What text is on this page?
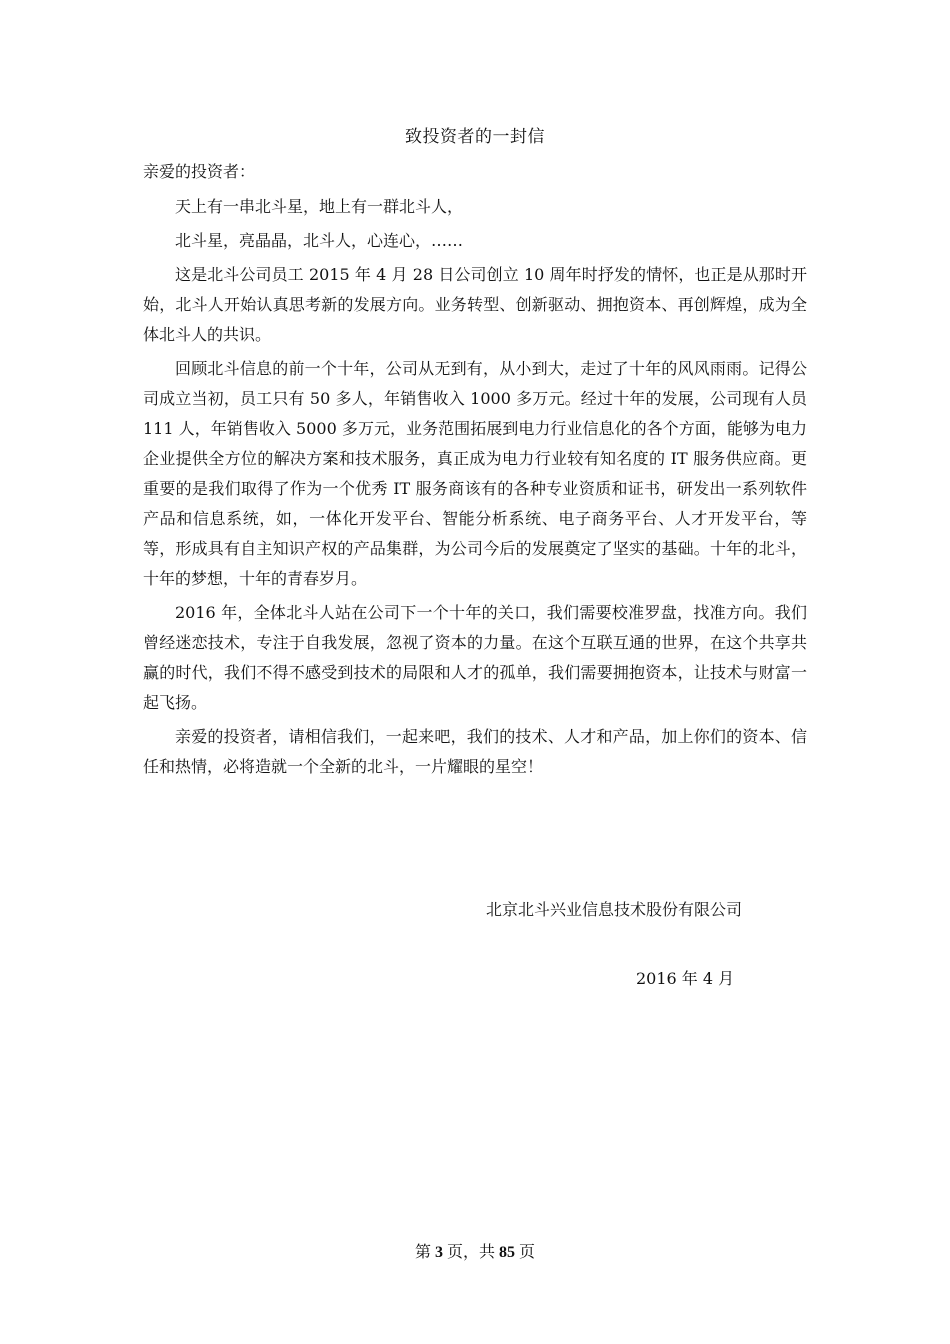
致投资者的一封信
亲爱的投资者：

天上有一串北斗星，地上有一群北斗人，

北斗星，亮晶晶，北斗人，心连心，……

这是北斗公司员工 2015 年 4 月 28 日公司创立 10 周年时抒发的情怀，也正是从那时开始，北斗人开始认真思考新的发展方向。业务转型、创新驱动、拥抱资本、再创辉煌，成为全体北斗人的共识。

回顾北斗信息的前一个十年，公司从无到有，从小到大，走过了十年的风风雨雨。记得公司成立当初，员工只有 50 多人，年销售收入 1000 多万元。经过十年的发展，公司现有人员 111 人，年销售收入 5000 多万元，业务范围拓展到电力行业信息化的各个方面，能够为电力企业提供全方位的解决方案和技术服务，真正成为电力行业较有知名度的 IT 服务供应商。更重要的是我们取得了作为一个优秀 IT 服务商该有的各种专业资质和证书，研发出一系列软件产品和信息系统，如，一体化开发平台、智能分析系统、电子商务平台、人才开发平台，等等，形成具有自主知识产权的产品集群，为公司今后的发展奠定了坚实的基础。十年的北斗，十年的梦想，十年的青春岁月。

2016 年，全体北斗人站在公司下一个十年的关口，我们需要校准罗盘，找准方向。我们曾经迷恋技术，专注于自我发展，忽视了资本的力量。在这个互联互通的世界，在这个共享共赢的时代，我们不得不感受到技术的局限和人才的孤单，我们需要拥抱资本，让技术与财富一起飞扬。

亲爱的投资者，请相信我们，一起来吧，我们的技术、人才和产品，加上你们的资本、信任和热情，必将造就一个全新的北斗，一片耀眼的星空！

北京北斗兴业信息技术股份有限公司
2016 年 4 月
第 3 页，共 85 页
